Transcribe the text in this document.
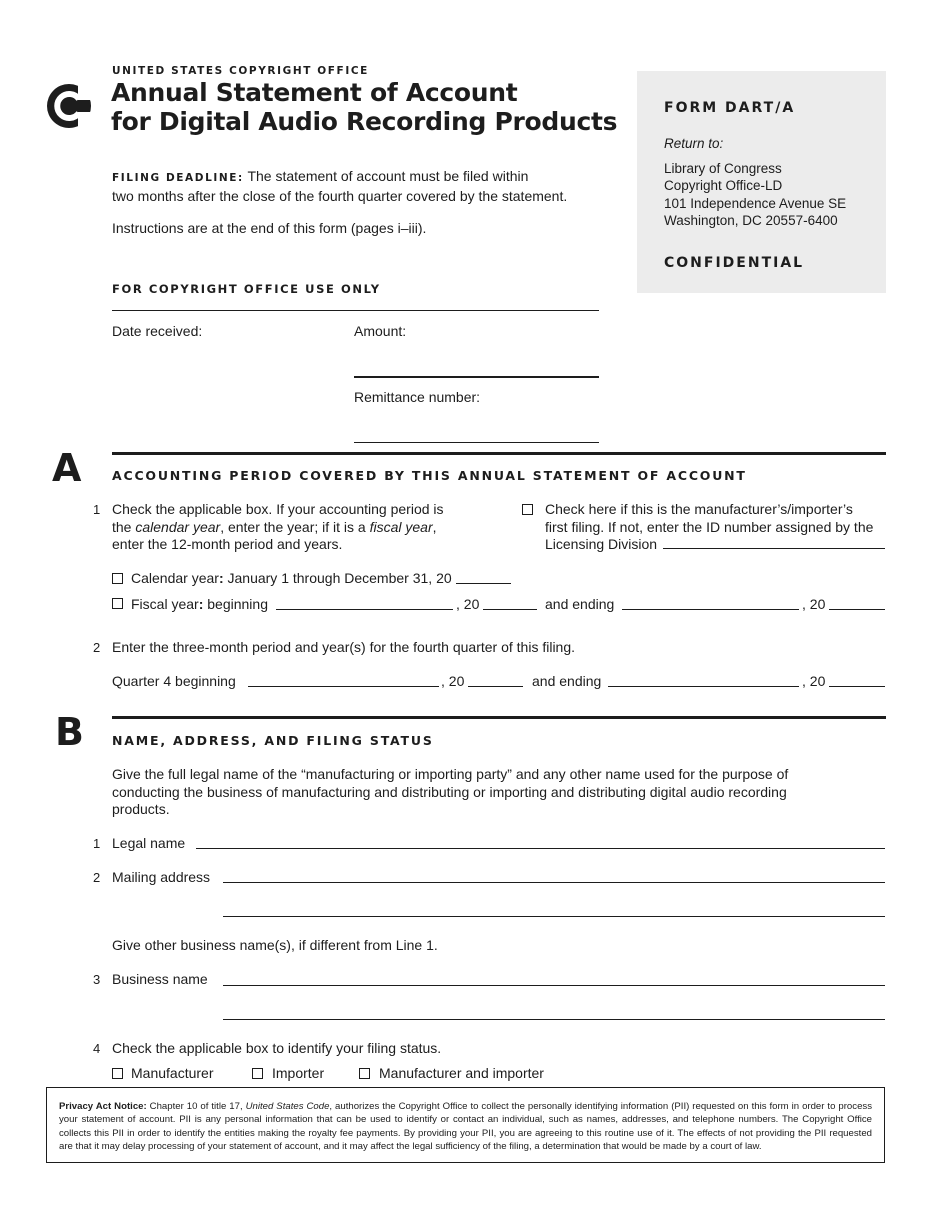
UNITED STATES COPYRIGHT OFFICE
Annual Statement of Account
for Digital Audio Recording Products
FILING DEADLINE: The statement of account must be filed within
two months after the close of the fourth quarter covered by the statement.
Instructions are at the end of this form (pages i–iii).
FORM DART/A
Return to:
Library of Congress
Copyright Office-LD
101 Independence Avenue SE
Washington, DC 20557-6400
CONFIDENTIAL
FOR COPYRIGHT OFFICE USE ONLY
Date received:	Amount:
Remittance number:
A ACCOUNTING PERIOD COVERED BY THIS ANNUAL STATEMENT OF ACCOUNT
1 Check the applicable box. If your accounting period is
the calendar year, enter the year; if it is a fiscal year,
enter the 12-month period and years.
Check here if this is the manufacturer’s/importer’s
first filing. If not, enter the ID number assigned by the
Licensing Division
Calendar year: January 1 through December 31, 20
Fiscal year: beginning	, 20	and ending	, 20
2 Enter the three-month period and year(s) for the fourth quarter of this filing.
Quarter 4 beginning	, 20	and ending	, 20
B NAME, ADDRESS, AND FILING STATUS
Give the full legal name of the “manufacturing or importing party” and any other name used for the purpose of
conducting the business of manufacturing and distributing or importing and distributing digital audio recording
products.
1 Legal name
2 Mailing address
Give other business name(s), if different from Line 1.
3 Business name
4 Check the applicable box to identify your filing status.
Manufacturer	Importer	Manufacturer and importer
Privacy Act Notice: Chapter 10 of title 17, United States Code, authorizes the Copyright Office to collect the personally identifying information (PII) requested on this form in order to process your statement of account. PII is any personal information that can be used to identify or contact an individual, such as names, addresses, and telephone numbers. The Copyright Office collects this PII in order to identify the entities making the royalty fee payments. By providing your PII, you are agreeing to this routine use of it. The effects of not providing the PII requested are that it may delay processing of your statement of account, and it may affect the legal sufficiency of the filing, a determination that would be made by a court of law.
